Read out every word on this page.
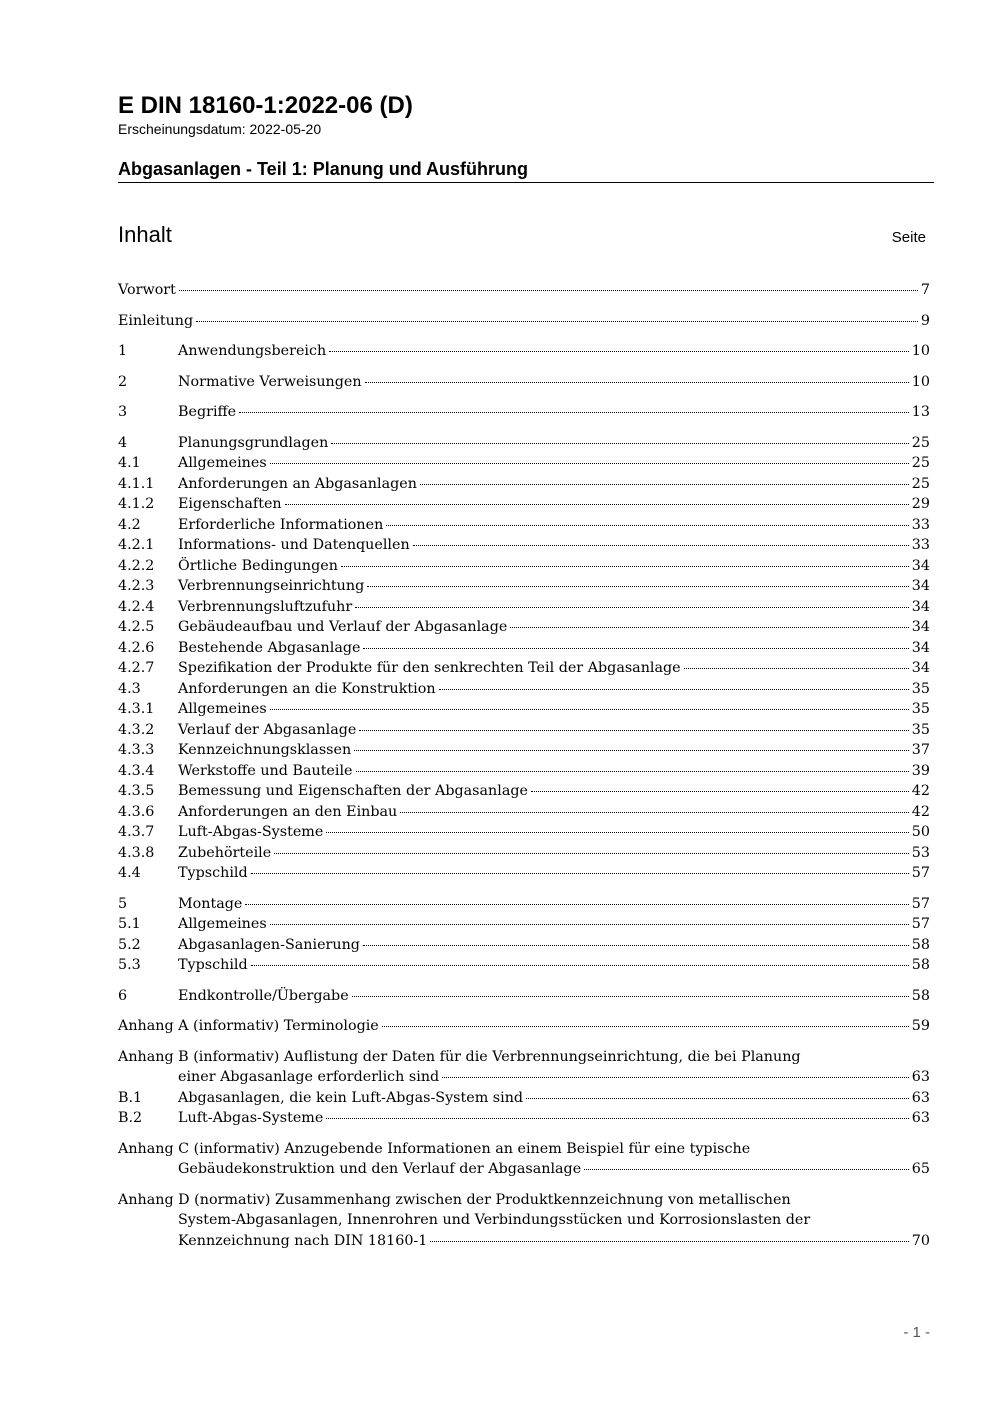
E DIN 18160-1:2022-06 (D)
Erscheinungsdatum: 2022-05-20
Abgasanlagen - Teil 1: Planung und Ausführung
Inhalt	Seite
Vorwort	7
Einleitung	9
1	Anwendungsbereich	10
2	Normative Verweisungen	10
3	Begriffe	13
4	Planungsgrundlagen	25
4.1	Allgemeines	25
4.1.1	Anforderungen an Abgasanlagen	25
4.1.2	Eigenschaften	29
4.2	Erforderliche Informationen	33
4.2.1	Informations- und Datenquellen	33
4.2.2	Örtliche Bedingungen	34
4.2.3	Verbrennungseinrichtung	34
4.2.4	Verbrennungsluftzufuhr	34
4.2.5	Gebäudeaufbau und Verlauf der Abgasanlage	34
4.2.6	Bestehende Abgasanlage	34
4.2.7	Spezifikation der Produkte für den senkrechten Teil der Abgasanlage	34
4.3	Anforderungen an die Konstruktion	35
4.3.1	Allgemeines	35
4.3.2	Verlauf der Abgasanlage	35
4.3.3	Kennzeichnungsklassen	37
4.3.4	Werkstoffe und Bauteile	39
4.3.5	Bemessung und Eigenschaften der Abgasanlage	42
4.3.6	Anforderungen an den Einbau	42
4.3.7	Luft-Abgas-Systeme	50
4.3.8	Zubehörteile	53
4.4	Typschild	57
5	Montage	57
5.1	Allgemeines	57
5.2	Abgasanlagen-Sanierung	58
5.3	Typschild	58
6	Endkontrolle/Übergabe	58
Anhang A (informativ) Terminologie	59
Anhang B (informativ) Auflistung der Daten für die Verbrennungseinrichtung, die bei Planung
einer Abgasanlage erforderlich sind	63
B.1	Abgasanlagen, die kein Luft-Abgas-System sind	63
B.2	Luft-Abgas-Systeme	63
Anhang C (informativ) Anzugebende Informationen an einem Beispiel für eine typische
Gebäudekonstruktion und den Verlauf der Abgasanlage	65
Anhang D (normativ) Zusammenhang zwischen der Produktkennzeichnung von metallischen
System-Abgasanlagen, Innenrohren und Verbindungsstücken und Korrosionslasten der
Kennzeichnung nach DIN 18160-1	70
- 1 -
